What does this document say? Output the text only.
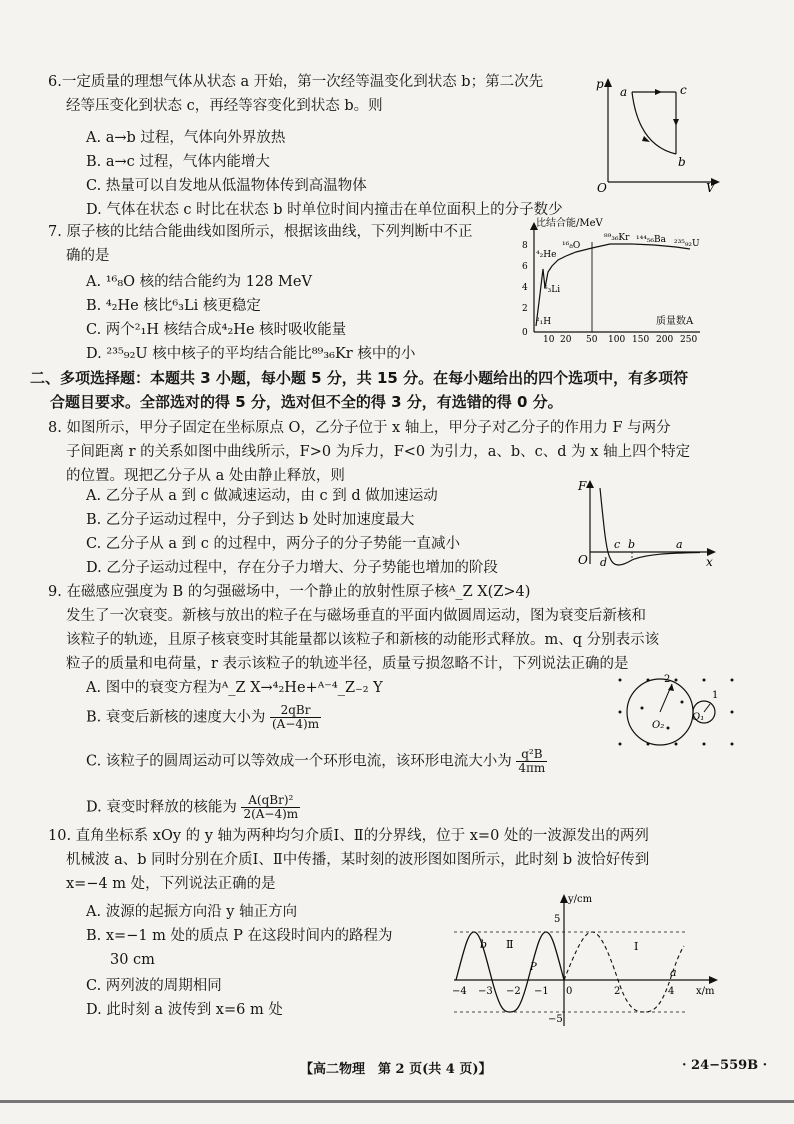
6.一定质量的理想气体从状态 a 开始，第一次经等温变化到状态 b；第二次先
经等压变化到状态 c，再经等容变化到状态 b。则
A. a→b 过程，气体向外界放热
B. a→c 过程，气体内能增大
C. 热量可以自发地从低温物体传到高温物体
D. 气体在状态 c 时比在状态 b 时单位时间内撞击在单位面积上的分子数少
p
V
O
a	c
b
7. 原子核的比结合能曲线如图所示，根据该曲线，下列判断中不正
确的是
A. ¹⁶₈O 核的结合能约为 128 MeV
B. ⁴₂He 核比⁶₃Li 核更稳定
C. 两个²₁H 核结合成⁴₂He 核时吸收能量
D. ²³⁵₉₂U 核中核子的平均结合能比⁸⁹₃₆Kr 核中的小
比结合能/MeV
质量数A
8
6
4
2
0
10 20 50 100 150 200 250
⁴₂He
¹⁶₈O
⁸⁹₃₆Kr ¹⁴⁴₅₆Ba ²³⁵₉₂U
⁶₃Li
²₁H
二、多项选择题：本题共 3 小题，每小题 5 分，共 15 分。在每小题给出的四个选项中，有多项符
合题目要求。全部选对的得 5 分，选对但不全的得 3 分，有选错的得 0 分。
8. 如图所示，甲分子固定在坐标原点 O，乙分子位于 x 轴上，甲分子对乙分子的作用力 F 与两分
子间距离 r 的关系如图中曲线所示，F>0 为斥力，F<0 为引力，a、b、c、d 为 x 轴上四个特定
的位置。现把乙分子从 a 处由静止释放，则
A. 乙分子从 a 到 c 做减速运动，由 c 到 d 做加速运动
B. 乙分子运动过程中，分子到达 b 处时加速度最大
C. 乙分子从 a 到 c 的过程中，两分子的分子势能一直减小
D. 乙分子运动过程中，存在分子力增大、分子势能也增加的阶段
F
x
O d
c b	a
9. 在磁感应强度为 B 的匀强磁场中，一个静止的放射性原子核ᴬ_Z X(Z>4)
发生了一次衰变。新核与放出的粒子在与磁场垂直的平面内做圆周运动，图为衰变后新核和
该粒子的轨迹，且原子核衰变时其能量都以该粒子和新核的动能形式释放。m、q 分别表示该
粒子的质量和电荷量，r 表示该粒子的轨迹半径，质量亏损忽略不计，下列说法正确的是
A. 图中的衰变方程为ᴬ_Z X→⁴₂He+ᴬ⁻⁴_Z₋₂ Y
B. 衰变后新核的速度大小为 $\frac{\text{2qBr}}{(A-4)m}$
C. 该粒子的圆周运动可以等效成一个环形电流，该环形电流大小为 $\frac{\text{q²B}}{4\pi m}$
D. 衰变时释放的核能为 $\frac{\text{A(qBr)²}}{2(A-4)m}$
2
1
O₂
O₁
10. 直角坐标系 xOy 的 y 轴为两种均匀介质Ⅰ、Ⅱ的分界线，位于 x=0 处的一波源发出的两列
机械波 a、b 同时分别在介质Ⅰ、Ⅱ中传播，某时刻的波形图如图所示，此时刻 b 波恰好传到
x=−4 m 处，下列说法正确的是
A. 波源的起振方向沿 y 轴正方向
B. x=−1 m 处的质点 P 在这段时间内的路程为
30 cm
C. 两列波的周期相同
D. 此时刻 a 波传到 x=6 m 处
y/cm
x/m
5
−5
−4 −3 −2 −1 0	2	4
b Ⅱ	Ⅰ
a
P
【高二物理　第 2 页(共 4 页)】	· 24−559B ·
